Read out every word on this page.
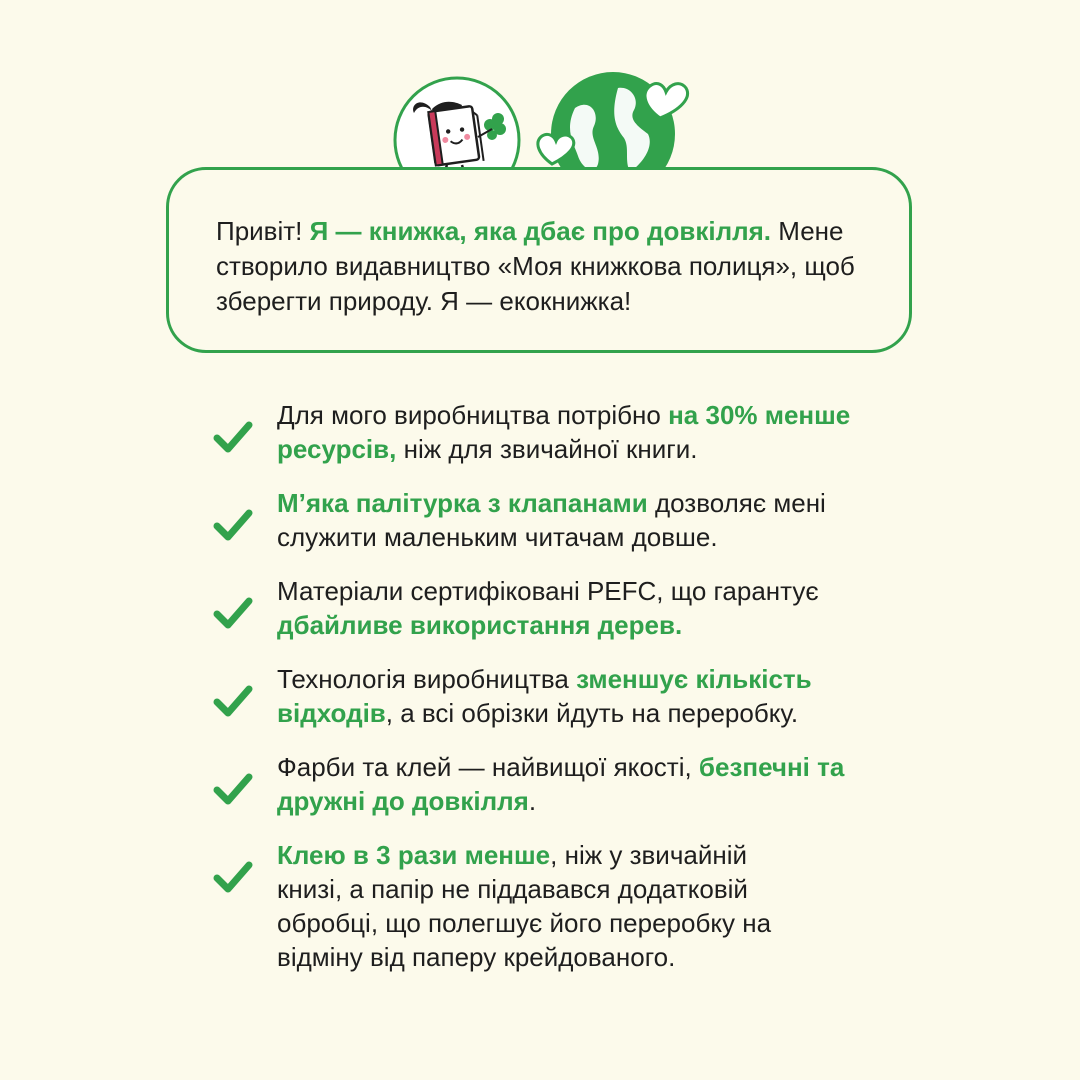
Привіт! Я — книжка, яка дбає про довкілля. Мене створило видавництво «Моя книжкова полиця», щоб зберегти природу. Я — екокнижка!

Для мого виробництва потрібно на 30% менше ресурсів, ніж для звичайної книги.

М’яка палітурка з клапанами дозволяє мені служити маленьким читачам довше.

Матеріали сертифіковані PEFC, що гарантує дбайливе використання дерев.

Технологія виробництва зменшує кількість відходів, а всі обрізки йдуть на переробку.

Фарби та клей — найвищої якості, безпечні та дружні до довкілля.

Клею в 3 рази менше, ніж у звичайній книзі, а папір не піддавався додатковій обробці, що полегшує його переробку на відміну від паперу крейдованого.
